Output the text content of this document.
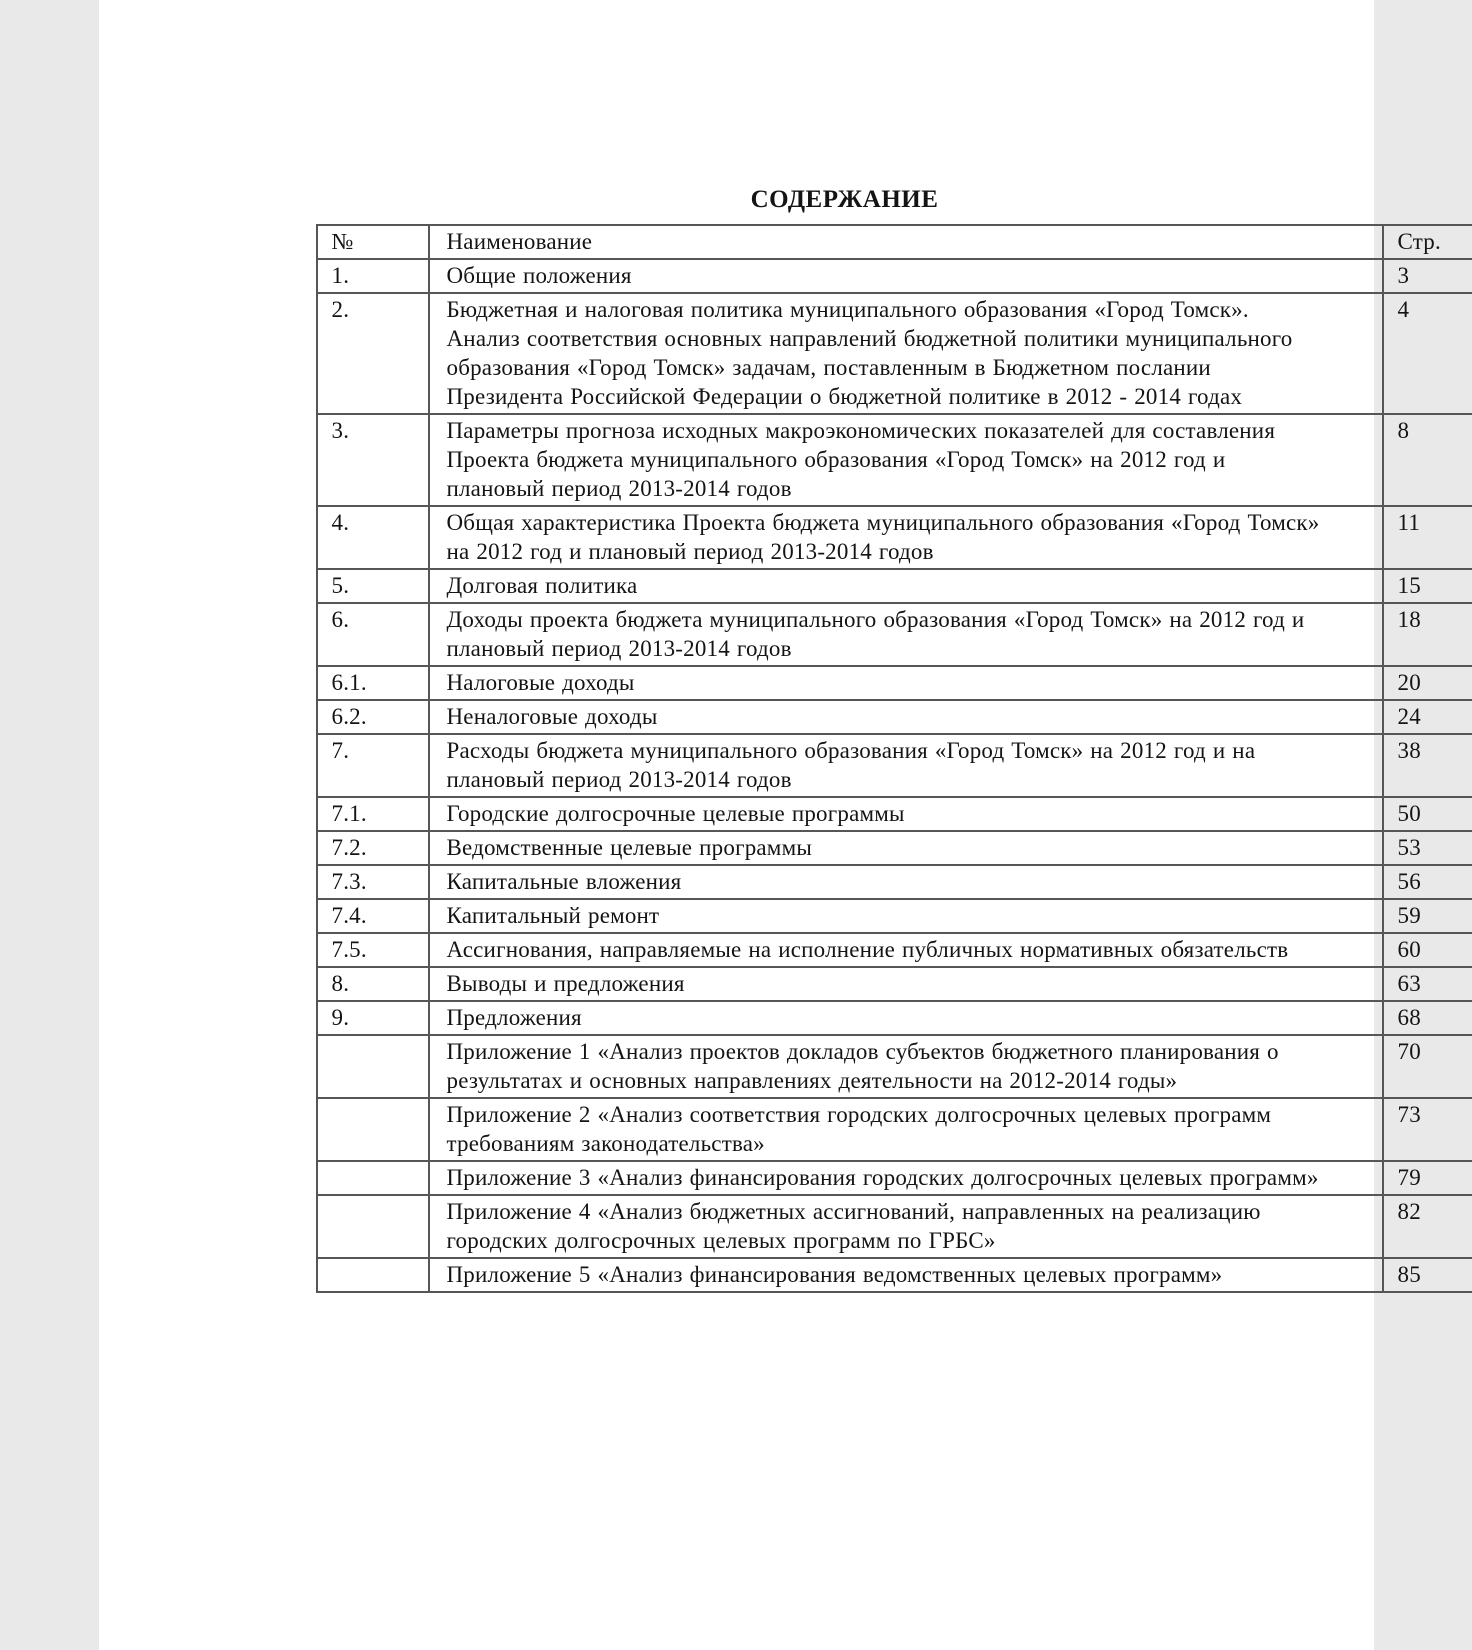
СОДЕРЖАНИЕ
№	Наименование	Стр.
1.	Общие положения	3
2.	Бюджетная и налоговая политика муниципального образования «Город Томск». Анализ соответствия основных направлений бюджетной политики муниципального образования «Город Томск» задачам, поставленным в Бюджетном послании Президента Российской Федерации о бюджетной политике в 2012 - 2014 годах	4
3.	Параметры прогноза исходных макроэкономических показателей для составления Проекта бюджета муниципального образования «Город Томск» на 2012 год и плановый период 2013-2014 годов	8
4.	Общая характеристика Проекта бюджета муниципального образования «Город Томск» на 2012 год и плановый период 2013-2014 годов	11
5.	Долговая политика	15
6.	Доходы проекта бюджета муниципального образования «Город Томск» на 2012 год и плановый период 2013-2014 годов	18
6.1.	Налоговые доходы	20
6.2.	Неналоговые доходы	24
7.	Расходы бюджета муниципального образования «Город Томск» на 2012 год и на плановый период 2013-2014 годов	38
7.1.	Городские долгосрочные целевые программы	50
7.2.	Ведомственные целевые программы	53
7.3.	Капитальные вложения	56
7.4.	Капитальный ремонт	59
7.5.	Ассигнования, направляемые на исполнение публичных нормативных обязательств	60
8.	Выводы и предложения	63
9.	Предложения	68
	Приложение 1 «Анализ проектов докладов субъектов бюджетного планирования о результатах и основных направлениях деятельности на 2012-2014 годы»	70
	Приложение 2 «Анализ соответствия городских долгосрочных целевых программ требованиям законодательства»	73
	Приложение 3 «Анализ финансирования городских долгосрочных целевых программ»	79
	Приложение 4 «Анализ бюджетных ассигнований, направленных на реализацию городских долгосрочных целевых программ по ГРБС»	82
	Приложение 5 «Анализ финансирования ведомственных целевых программ»	85
